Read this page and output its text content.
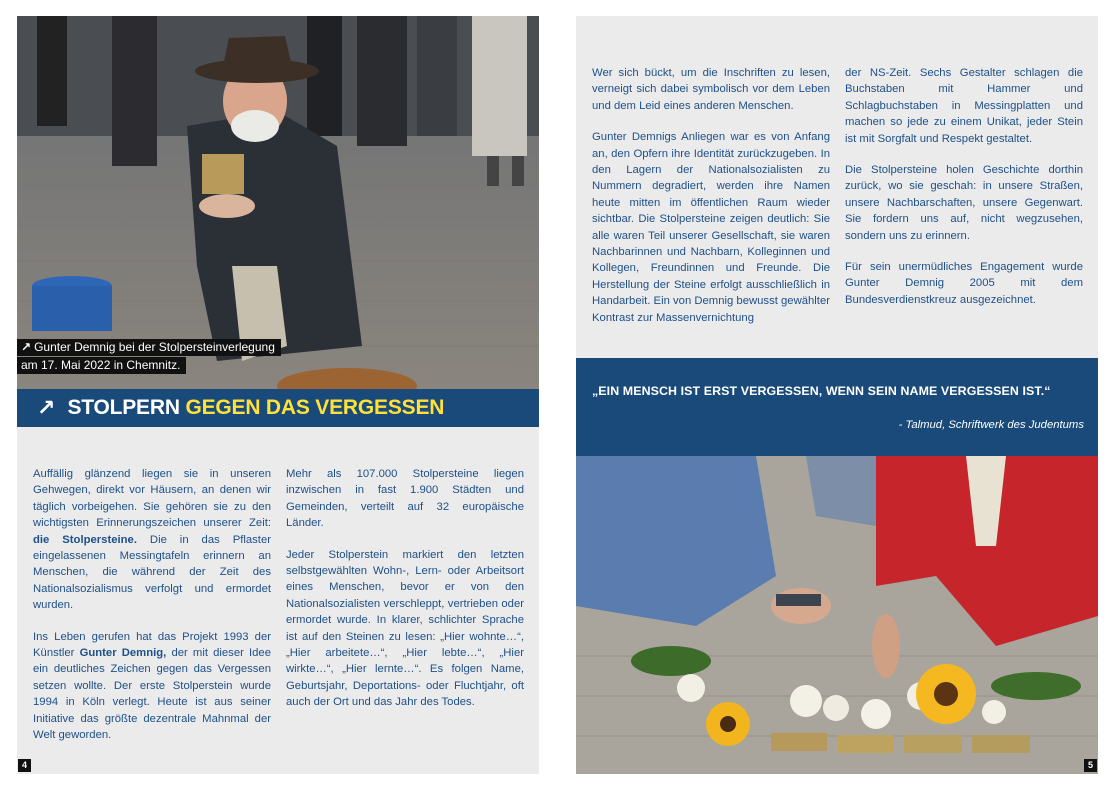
↗ Gunter Demnig bei der Stolpersteinverlegung
am 17. Mai 2022 in Chemnitz.
↗ STOLPERN GEGEN DAS VERGESSEN

Auffällig glänzend liegen sie in unseren Gehwegen, direkt vor Häusern, an denen wir täglich vorbeigehen. Sie gehören sie zu den wichtigsten Erinnerungszeichen unserer Zeit: die Stolpersteine. Die in das Pflaster eingelassenen Messingtafeln erinnern an Menschen, die während der Zeit des Nationalsozialismus verfolgt und ermordet wurden.

Ins Leben gerufen hat das Projekt 1993 der Künstler Gunter Demnig, der mit dieser Idee ein deutliches Zeichen gegen das Vergessen setzen wollte. Der erste Stolperstein wurde 1994 in Köln verlegt. Heute ist aus seiner Initiative das größte dezentrale Mahnmal der Welt geworden.

Mehr als 107.000 Stolpersteine liegen inzwischen in fast 1.900 Städten und Gemeinden, verteilt auf 32 europäische Länder.

Jeder Stolperstein markiert den letzten selbstgewählten Wohn-, Lern- oder Arbeitsort eines Menschen, bevor er von den Nationalsozialisten verschleppt, vertrieben oder ermordet wurde. In klarer, schlichter Sprache ist auf den Steinen zu lesen: „Hier wohnte…“, „Hier arbeitete…“, „Hier lebte…“, „Hier wirkte…“, „Hier lernte…“. Es folgen Name, Geburtsjahr, Deportations- oder Fluchtjahr, oft auch der Ort und das Jahr des Todes.

4

Wer sich bückt, um die Inschriften zu lesen, verneigt sich dabei symbolisch vor dem Leben und dem Leid eines anderen Menschen.

Gunter Demnigs Anliegen war es von Anfang an, den Opfern ihre Identität zurückzugeben. In den Lagern der Nationalsozialisten zu Nummern degradiert, werden ihre Namen heute mitten im öffentlichen Raum wieder sichtbar. Die Stolpersteine zeigen deutlich: Sie alle waren Teil unserer Gesellschaft, sie waren Nachbarinnen und Nachbarn, Kolleginnen und Kollegen, Freundinnen und Freunde. Die Herstellung der Steine erfolgt ausschließlich in Handarbeit. Ein von Demnig bewusst gewählter Kontrast zur Massenvernichtung

der NS-Zeit. Sechs Gestalter schlagen die Buchstaben mit Hammer und Schlagbuchstaben in Messingplatten und machen so jede zu einem Unikat, jeder Stein ist mit Sorgfalt und Respekt gestaltet.

Die Stolpersteine holen Geschichte dorthin zurück, wo sie geschah: in unsere Straßen, unsere Nachbarschaften, unsere Gegenwart. Sie fordern uns auf, nicht wegzusehen, sondern uns zu erinnern.

Für sein unermüdliches Engagement wurde Gunter Demnig 2005 mit dem Bundesverdienstkreuz ausgezeichnet.

„EIN MENSCH IST ERST VERGESSEN, WENN SEIN NAME VERGESSEN IST.“
- Talmud, Schriftwerk des Judentums
5
